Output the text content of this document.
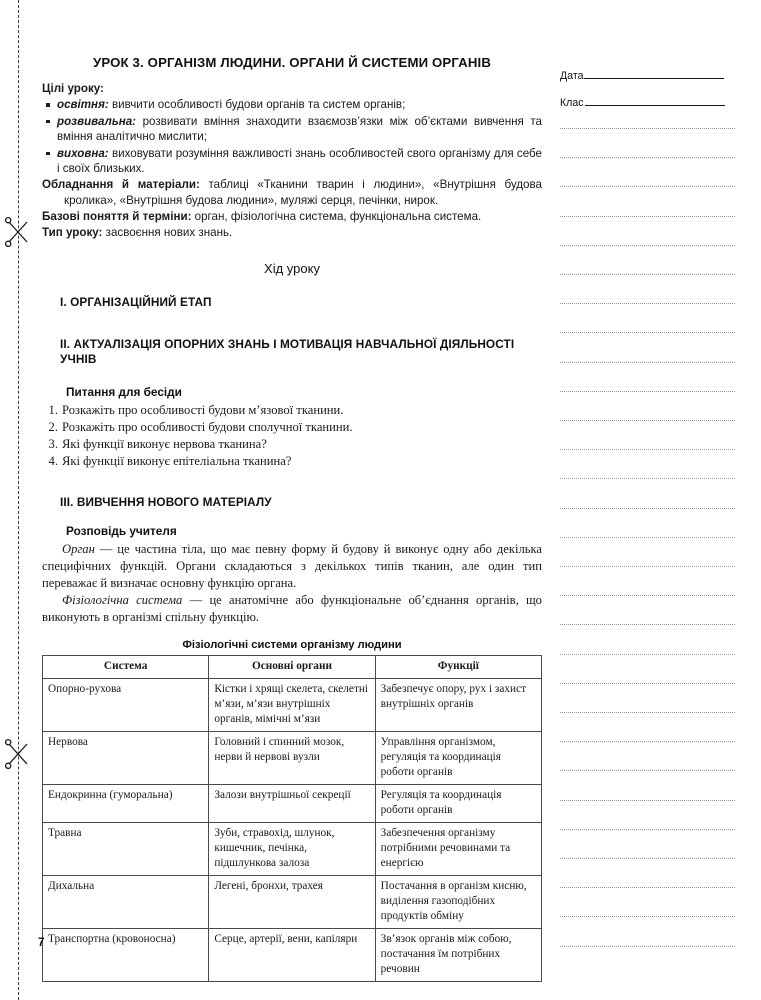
УРОК 3. ОРГАНІЗМ ЛЮДИНИ. ОРГАНИ Й СИСТЕМИ ОРГАНІВ

Цілі уроку:

освітня: вивчити особливості будови органів та систем органів;
розвивальна: розвивати вміння знаходити взаємозв’язки між об’єктами вивчення та вміння аналітично мислити;
виховна: виховувати розуміння важливості знань особливостей свого організму для себе і своїх близьких.

Обладнання й матеріали: таблиці «Тканини тварин і людини», «Внутрішня будова кролика», «Внутрішня будова людини», муляжі серця, печінки, нирок.

Базові поняття й терміни: орган, фізіологічна система, функціональна система.

Тип уроку: засвоєння нових знань.

Хід уроку
I. ОРГАНІЗАЦІЙНИЙ ЕТАП
II. АКТУАЛІЗАЦІЯ ОПОРНИХ ЗНАНЬ І МОТИВАЦІЯ НАВЧАЛЬНОЇ ДІЯЛЬНОСТІ УЧНІВ
Питання для бесіди
1. Розкажіть про особливості будови м’язової тканини.
2. Розкажіть про особливості будови сполучної тканини.
3. Які функції виконує нервова тканина?
4. Які функції виконує епітеліальна тканина?
III. ВИВЧЕННЯ НОВОГО МАТЕРІАЛУ
Розповідь учителя

Орган — це частина тіла, що має певну форму й будову й виконує одну або декілька специфічних функцій. Органи складаються з декількох типів тканин, але один тип переважає й визначає основну функцію органа.

Фізіологічна система — це анатомічне або функціональне об’єднання органів, що виконують в організмі спільну функцію.

Фізіологічні системи організму людини
Система	Основні органи	Функції
Опорно-рухова	Кістки і хрящі скелета, скелетні м’язи, м’язи внутрішніх органів, мімічні м’язи	Забезпечує опору, рух і захист внутрішніх органів
Нервова	Головний і спинний мозок, нерви й нервові вузли	Управління організмом, регуляція та координація роботи органів
Ендокринна (гуморальна)	Залози внутрішньої секреції	Регуляція та координація роботи органів
Травна	Зуби, стравохід, шлунок, кишечник, печінка, підшлункова залоза	Забезпечення організму потрібними речовинами та енергією
Дихальна	Легені, бронхи, трахея	Постачання в організм кисню, виділення газоподібних продуктів обміну
Транспортна (кровоносна)	Серце, артерії, вени, капіляри	Зв’язок органів між собою, постачання їм потрібних речовин
Дата
Клас
7
